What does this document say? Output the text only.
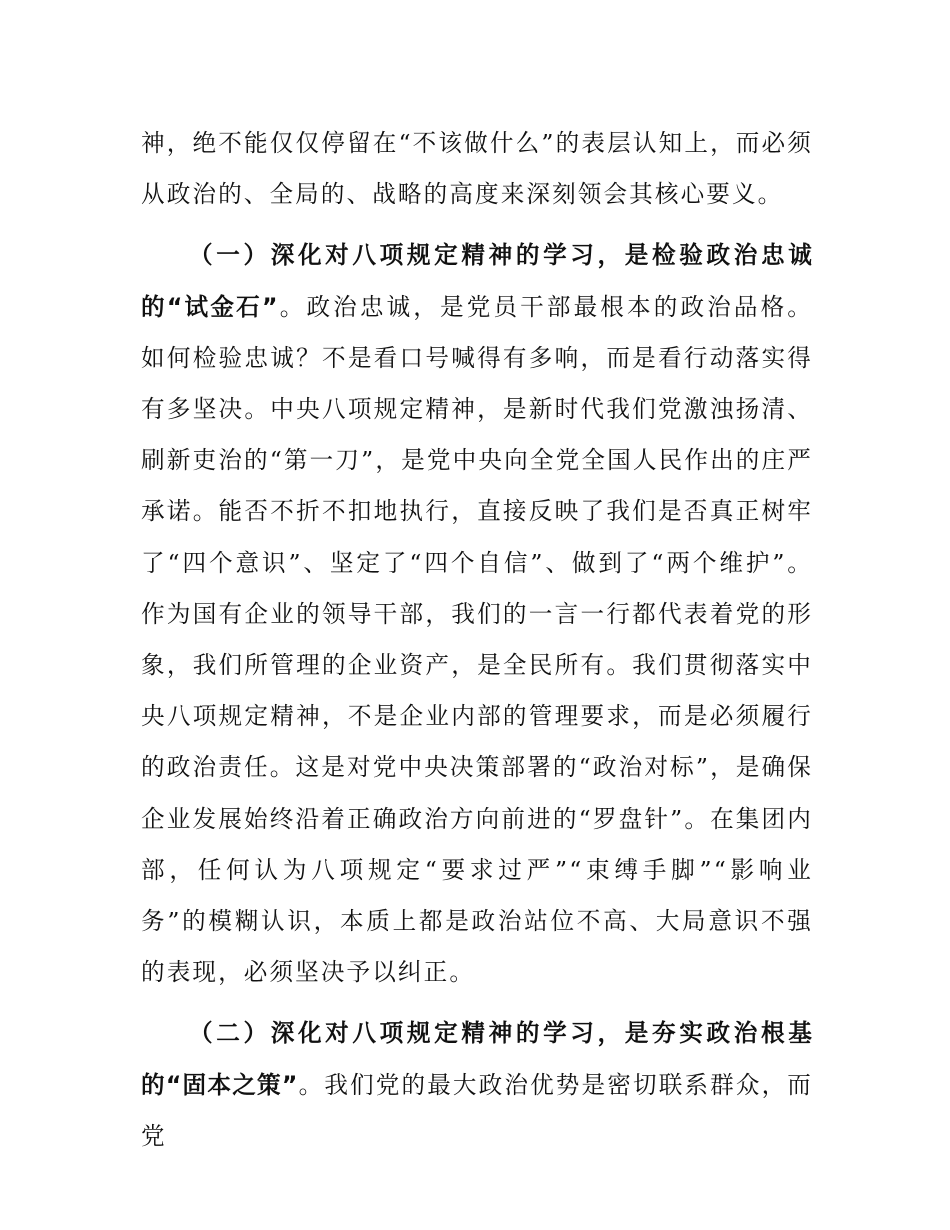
神，绝不能仅仅停留在“不该做什么”的表层认知上，而必须从政治的、全局的、战略的高度来深刻领会其核心要义。

（一）深化对八项规定精神的学习，是检验政治忠诚的“试金石”。政治忠诚，是党员干部最根本的政治品格。如何检验忠诚？不是看口号喊得有多响，而是看行动落实得有多坚决。中央八项规定精神，是新时代我们党激浊扬清、刷新吏治的“第一刀”，是党中央向全党全国人民作出的庄严承诺。能否不折不扣地执行，直接反映了我们是否真正树牢了“四个意识”、坚定了“四个自信”、做到了“两个维护”。作为国有企业的领导干部，我们的一言一行都代表着党的形象，我们所管理的企业资产，是全民所有。我们贯彻落实中央八项规定精神，不是企业内部的管理要求，而是必须履行的政治责任。这是对党中央决策部署的“政治对标”，是确保企业发展始终沿着正确政治方向前进的“罗盘针”。在集团内部，任何认为八项规定“要求过严”“束缚手脚”“影响业务”的模糊认识，本质上都是政治站位不高、大局意识不强的表现，必须坚决予以纠正。

（二）深化对八项规定精神的学习，是夯实政治根基的“固本之策”。我们党的最大政治优势是密切联系群众，而党
